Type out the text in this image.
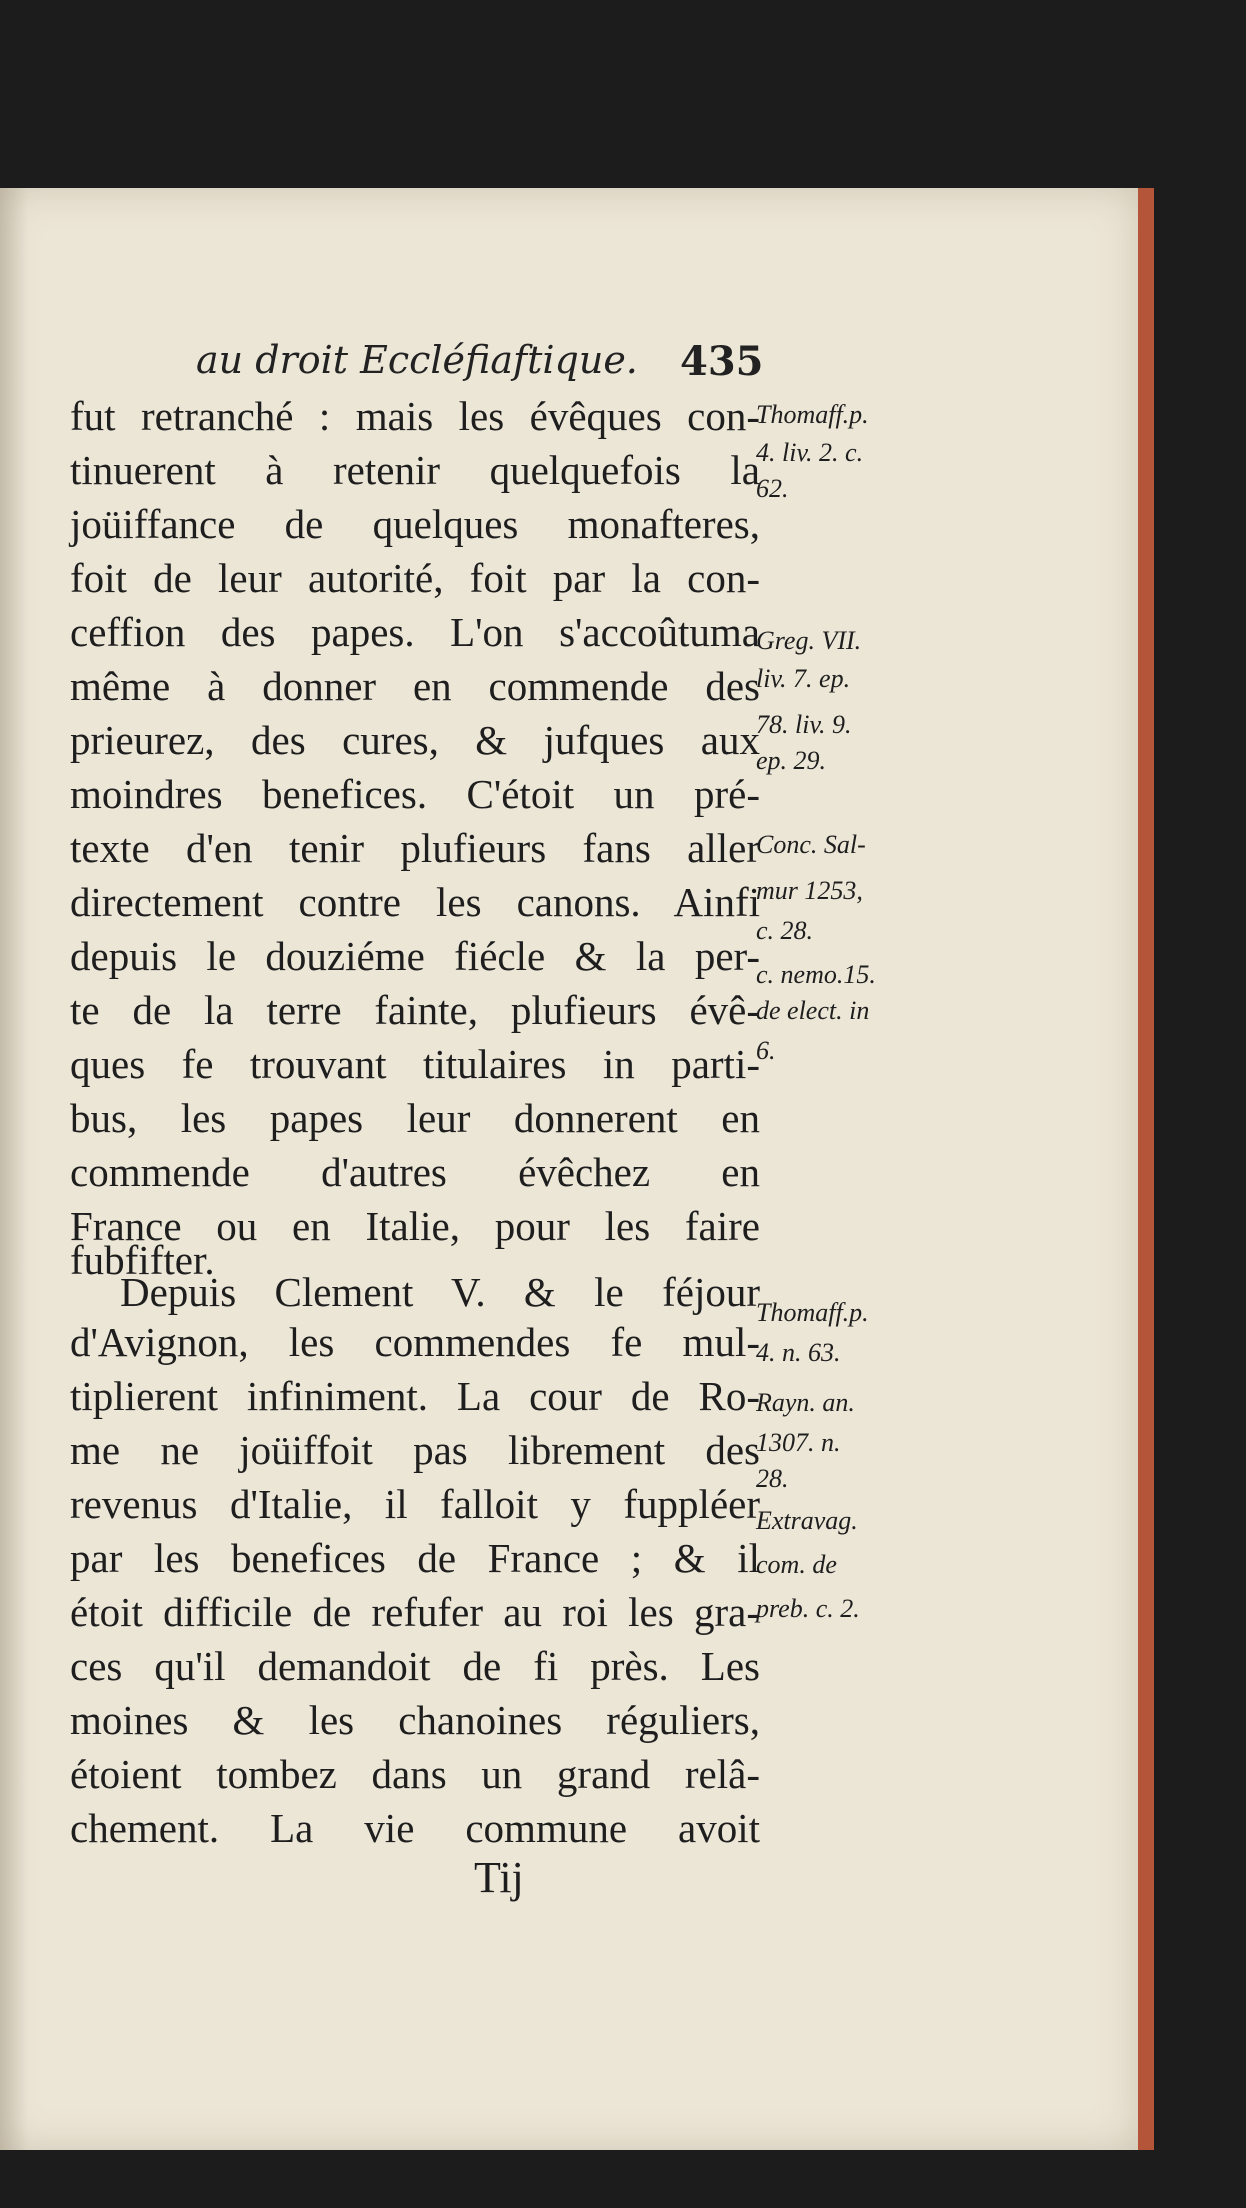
au droit Eccléfiaftique. 435
fut retranché : mais les évêques con-
tinuerent à retenir quelquefois la
joüiffance de quelques monafteres,
foit de leur autorité, foit par la con-
ceffion des papes. L'on s'accoûtuma
même à donner en commende des
prieurez, des cures, & jufques aux
moindres benefices. C'étoit un pré-
texte d'en tenir plufieurs fans aller
directement contre les canons. Ainfi
depuis le douziéme fiécle & la per-
te de la terre fainte, plufieurs évê-
ques fe trouvant titulaires in parti-
bus, les papes leur donnerent en
commende d'autres évêchez en
France ou en Italie, pour les faire
fubfifter.
Depuis Clement V. & le féjour
d'Avignon, les commendes fe mul-
tiplierent infiniment. La cour de Ro-
me ne joüiffoit pas librement des
revenus d'Italie, il falloit y fuppléer
par les benefices de France ; & il
étoit difficile de refufer au roi les gra-
ces qu'il demandoit de fi près. Les
moines & les chanoines réguliers,
étoient tombez dans un grand relâ-
chement. La vie commune avoit
Thomaff.p.
4. liv. 2. c.
62.
Greg. VII.
liv. 7. ep.
78. liv. 9.
ep. 29.
Conc. Sal-
mur 1253,
c. 28.
c. nemo.15.
de elect. in
6.
Thomaff.p.
4. n. 63.
Rayn. an.
1307. n.
28.
Extravag.
com. de
preb. c. 2.
Tij
